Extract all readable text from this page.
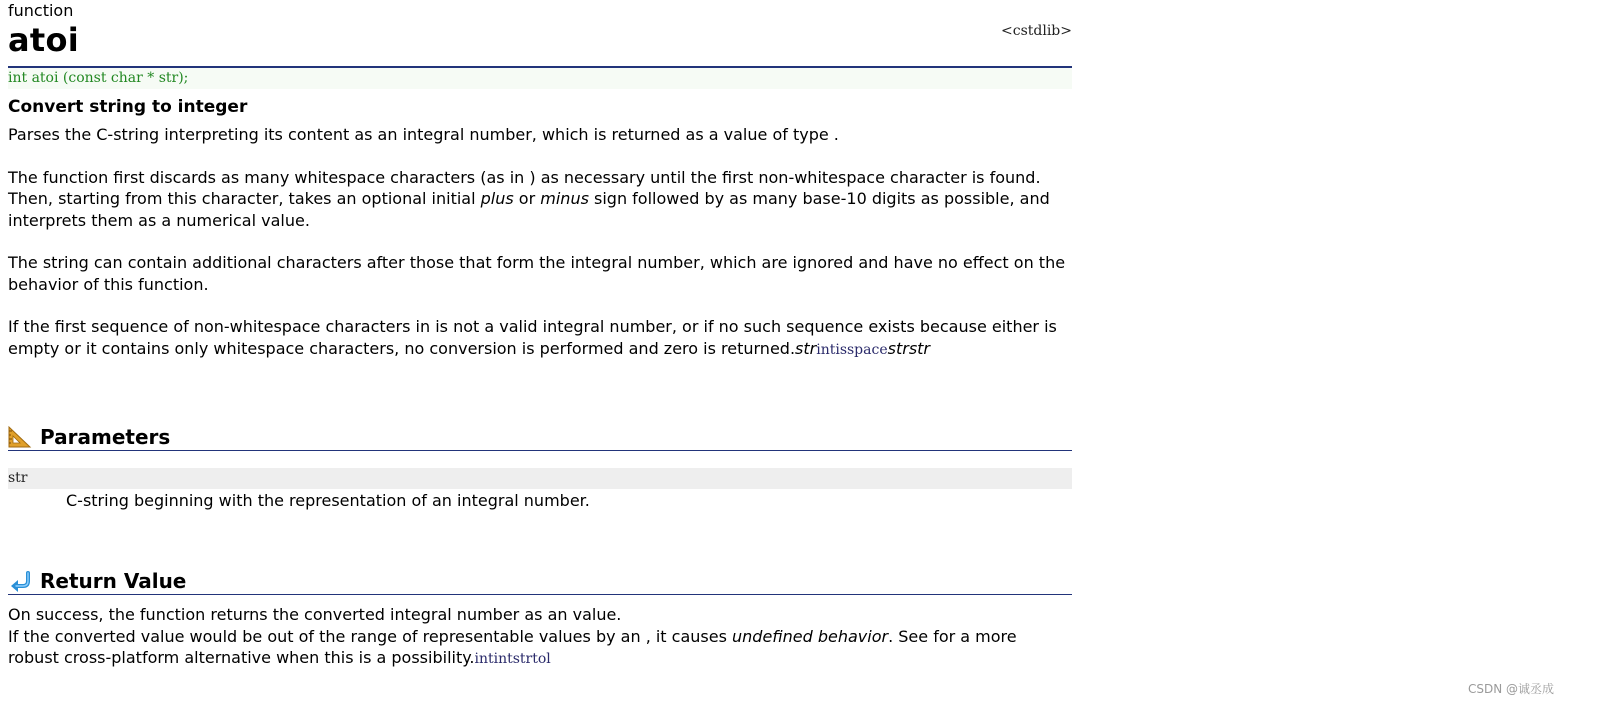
function
atoi	<cstdlib>
int atoi (const char * str);
Convert string to integer

Parses the C-string interpreting its content as an integral number, which is returned as a value of type .

The function first discards as many whitespace characters (as in ) as necessary until the first non-whitespace character is found. Then, starting from this character, takes an optional initial plus or minus sign followed by as many base-10 digits as possible, and interprets them as a numerical value.

The string can contain additional characters after those that form the integral number, which are ignored and have no effect on the behavior of this function.

If the first sequence of non-whitespace characters in is not a valid integral number, or if no such sequence exists because either is empty or it contains only whitespace characters, no conversion is performed and zero is returned.strintisspacestrstr

Parameters
str
C-string beginning with the representation of an integral number.
Return Value

On success, the function returns the converted integral number as an value.

If the converted value would be out of the range of representable values by an , it causes undefined behavior. See for a more robust cross-platform alternative when this is a possibility.intintstrtol

CSDN @诚丞成
